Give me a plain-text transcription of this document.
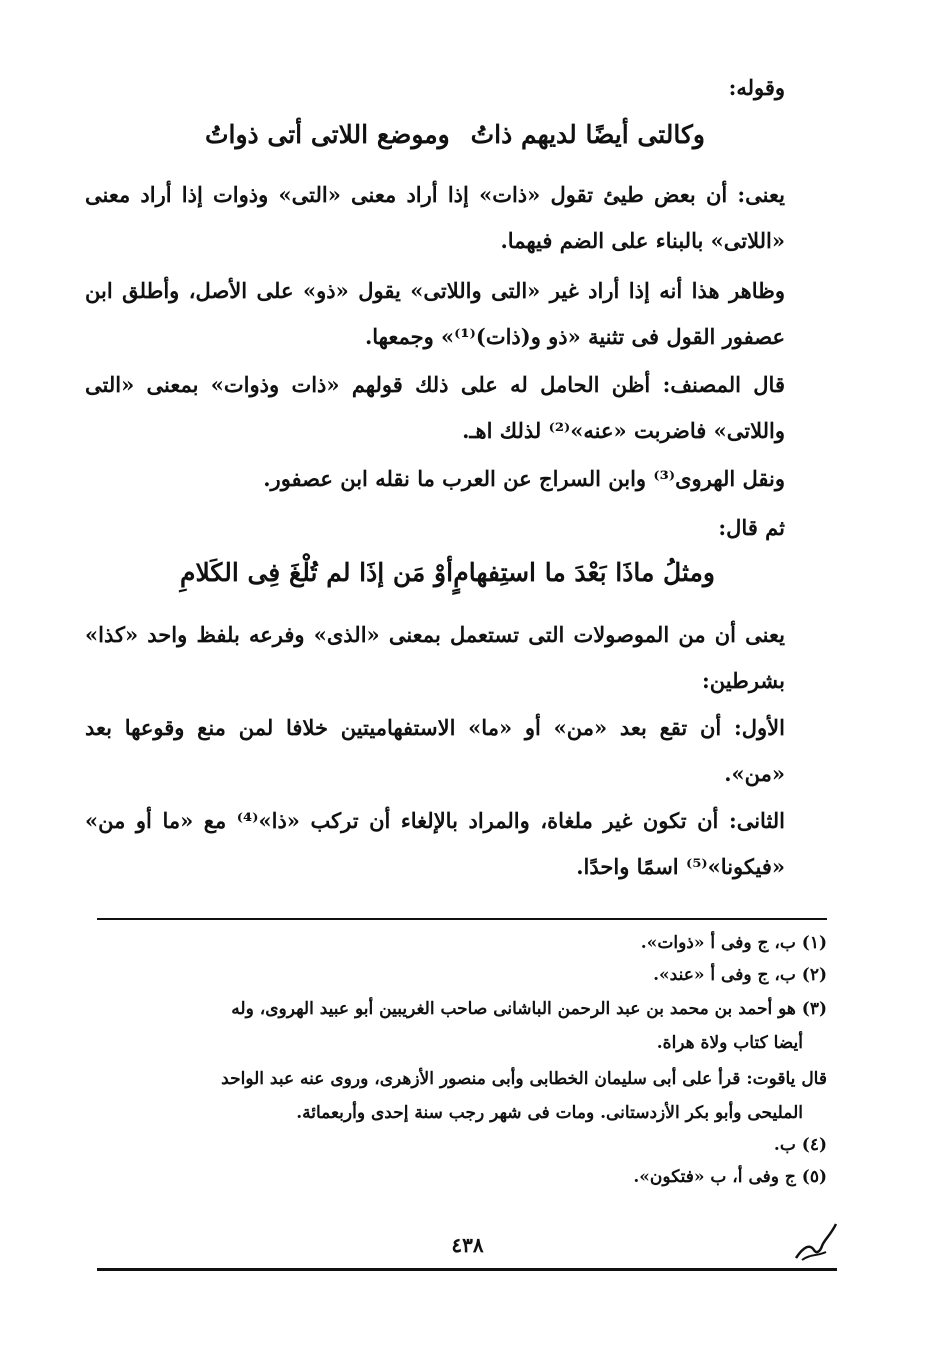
وقوله:
وكالتى أيضًا لديهم ذاتُ
وموضع اللاتى أتى ذواتُ
يعنى: أن بعض طيئ تقول «ذات» إذا أراد معنى «التى» وذوات إذا أراد معنى «اللاتى» بالبناء على الضم فيهما.
وظاهر هذا أنه إذا أراد غير «التى واللاتى» يقول «ذو» على الأصل، وأطلق ابن عصفور القول فى تثنية «ذو و(ذات)⁽¹⁾» وجمعها.
قال المصنف: أظن الحامل له على ذلك قولهم «ذات وذوات» بمعنى «التى واللاتى» فاضربت «عنه»⁽²⁾ لذلك اهـ.
ونقل الهروى⁽³⁾ وابن السراج عن العرب ما نقله ابن عصفور.
ثم قال:
ومثلُ ماذَا بَعْدَ ما استِفهامٍ
أوْ مَن إذَا لم تُلْغَ فِى الكَلامِ
يعنى أن من الموصولات التى تستعمل بمعنى «الذى» وفرعه بلفظ واحد «كذا» بشرطين:
الأول: أن تقع بعد «من» أو «ما» الاستفهاميتين خلافا لمن منع وقوعها بعد «من».
الثانى: أن تكون غير ملغاة، والمراد بالإلغاء أن تركب «ذا»⁽⁴⁾ مع «ما أو من» «فيكونا»⁽⁵⁾ اسمًا واحدًا.
(١) ب، ج وفى أ «ذوات».
(٢) ب، ج وفى أ «عند».
(٣) هو أحمد بن محمد بن عبد الرحمن الباشانى صاحب الغريبين أبو عبيد الهروى، وله
أيضا كتاب ولاة هراة.
قال ياقوت: قرأ على أبى سليمان الخطابى وأبى منصور الأزهرى، وروى عنه عبد الواحد
المليحى وأبو بكر الأزدستانى. ومات فى شهر رجب سنة إحدى وأربعمائة.
(٤) ب.
(٥) ج وفى أ، ب «فتكون».
٤٣٨
